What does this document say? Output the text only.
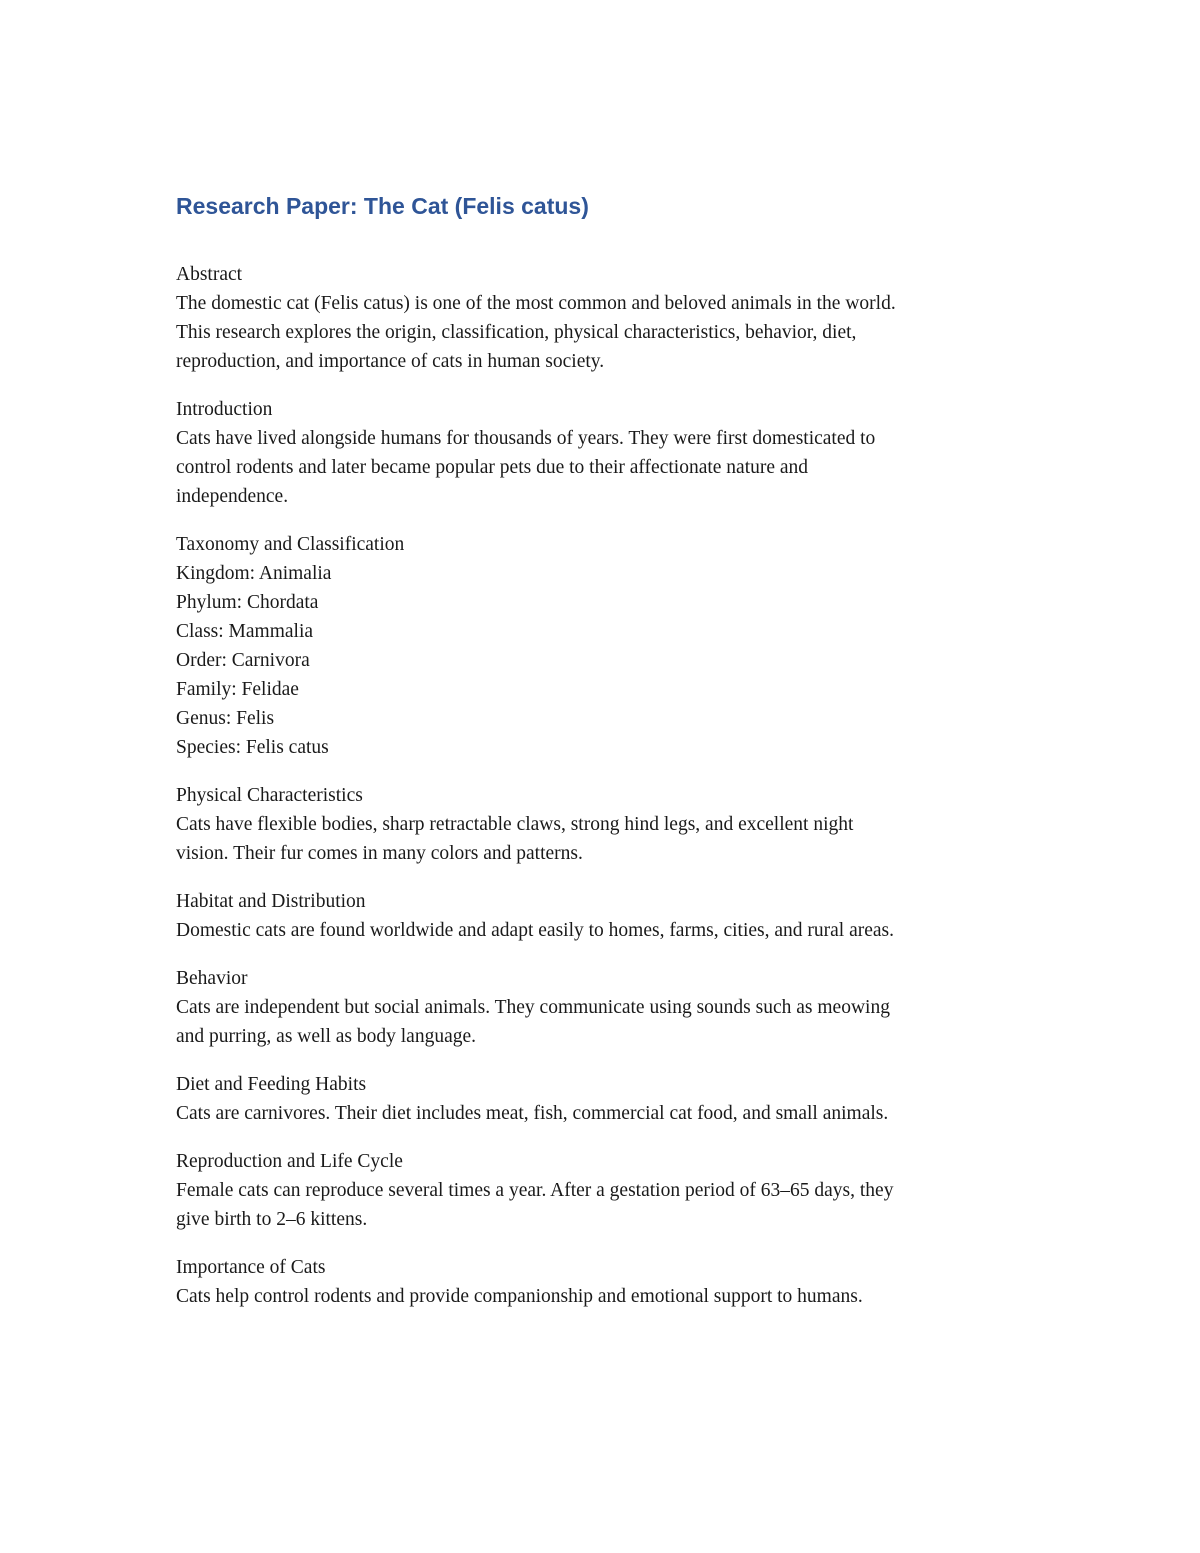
Research Paper: The Cat (Felis catus)
Abstract
The domestic cat (Felis catus) is one of the most common and beloved animals in the world.
This research explores the origin, classification, physical characteristics, behavior, diet,
reproduction, and importance of cats in human society.
Introduction
Cats have lived alongside humans for thousands of years. They were first domesticated to
control rodents and later became popular pets due to their affectionate nature and
independence.
Taxonomy and Classification
Kingdom: Animalia
Phylum: Chordata
Class: Mammalia
Order: Carnivora
Family: Felidae
Genus: Felis
Species: Felis catus
Physical Characteristics
Cats have flexible bodies, sharp retractable claws, strong hind legs, and excellent night
vision. Their fur comes in many colors and patterns.
Habitat and Distribution
Domestic cats are found worldwide and adapt easily to homes, farms, cities, and rural areas.
Behavior
Cats are independent but social animals. They communicate using sounds such as meowing
and purring, as well as body language.
Diet and Feeding Habits
Cats are carnivores. Their diet includes meat, fish, commercial cat food, and small animals.
Reproduction and Life Cycle
Female cats can reproduce several times a year. After a gestation period of 63–65 days, they
give birth to 2–6 kittens.
Importance of Cats
Cats help control rodents and provide companionship and emotional support to humans.
